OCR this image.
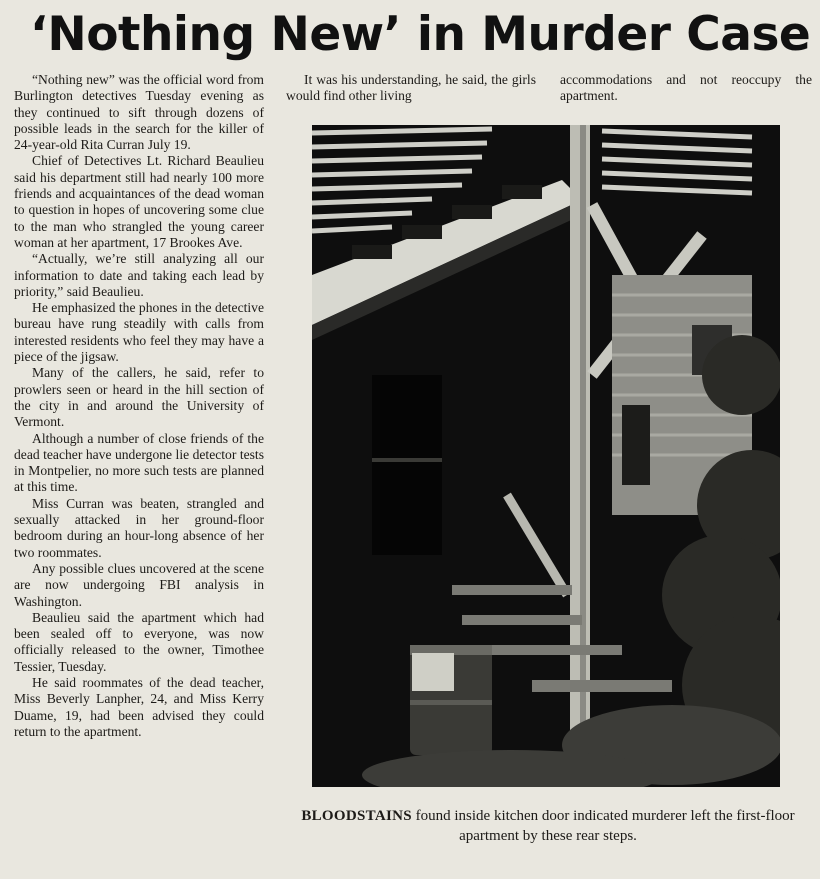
‘Nothing New’ in Murder Case

“Nothing new” was the official word from Burlington detectives Tuesday evening as they continued to sift through dozens of possible leads in the search for the killer of 24-year-old Rita Curran July 19.

Chief of Detectives Lt. Richard Beaulieu said his department still had nearly 100 more friends and acquaintances of the dead woman to question in hopes of uncovering some clue to the man who strangled the young career woman at her apartment, 17 Brookes Ave.

“Actually, we’re still analyzing all our information to date and taking each lead by priority,” said Beaulieu.

He emphasized the phones in the detective bureau have rung steadily with calls from interested residents who feel they may have a piece of the jigsaw.

Many of the callers, he said, refer to prowlers seen or heard in the hill section of the city in and around the University of Vermont.

Although a number of close friends of the dead teacher have undergone lie detector tests in Montpelier, no more such tests are planned at this time.

Miss Curran was beaten, strangled and sexually attacked in her ground-floor bedroom during an hour-long absence of her two roommates.

Any possible clues uncovered at the scene are now undergoing FBI analysis in Washington.

Beaulieu said the apartment which had been sealed off to everyone, was now officially released to the owner, Timothee Tessier, Tuesday.

He said roommates of the dead teacher, Miss Beverly Lanpher, 24, and Miss Kerry Duame, 19, had been advised they could return to the apartment.

It was his understanding, he said, the girls would find other living

accommodations and not reoccupy the apartment.

BLOODSTAINS found inside kitchen door indicated murderer left the first-floor apartment by these rear steps.
